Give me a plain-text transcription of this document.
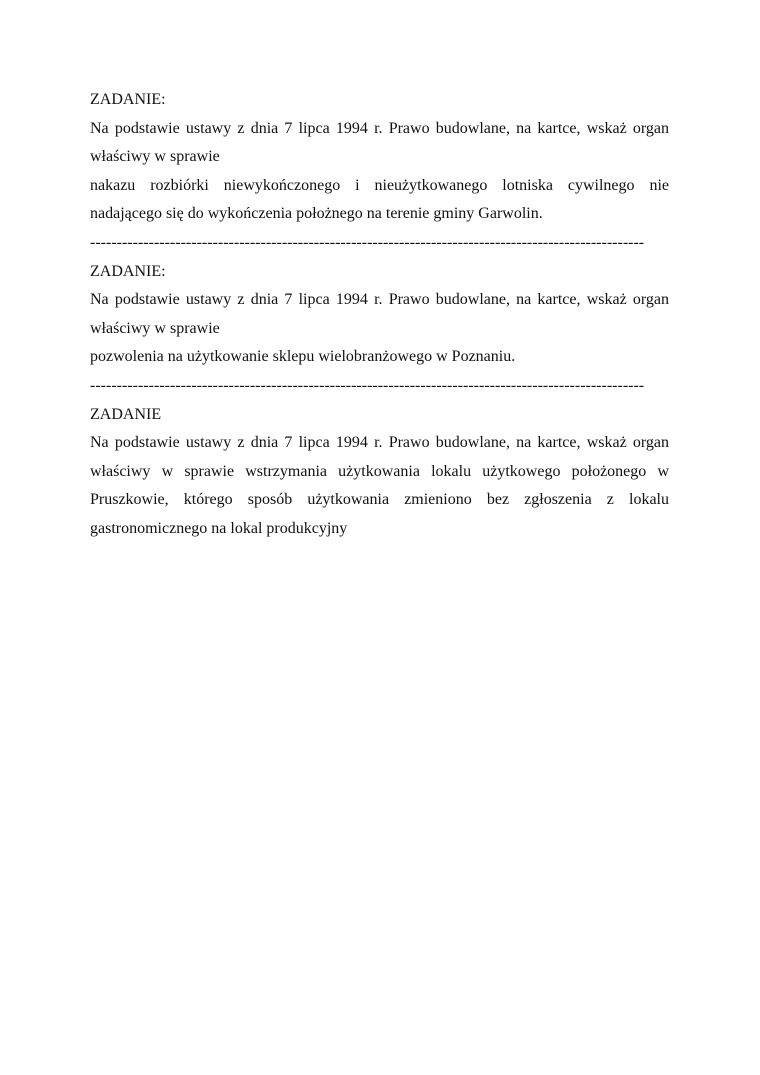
ZADANIE:
Na podstawie ustawy z dnia 7 lipca 1994 r. Prawo budowlane, na kartce, wskaż organ
właściwy w sprawie
nakazu rozbiórki niewykończonego i nieużytkowanego lotniska cywilnego nie
nadającego się do wykończenia położnego na terenie gminy Garwolin.
--------------------------------------------------------------------------------------------------------
ZADANIE:
Na podstawie ustawy z dnia 7 lipca 1994 r. Prawo budowlane, na kartce, wskaż organ
właściwy w sprawie
pozwolenia na użytkowanie sklepu wielobranżowego w Poznaniu.
--------------------------------------------------------------------------------------------------------
ZADANIE
Na podstawie ustawy z dnia 7 lipca 1994 r. Prawo budowlane, na kartce, wskaż organ
właściwy w sprawie wstrzymania użytkowania lokalu użytkowego położonego w
Pruszkowie, którego sposób użytkowania zmieniono bez zgłoszenia z lokalu
gastronomicznego na lokal produkcyjny
